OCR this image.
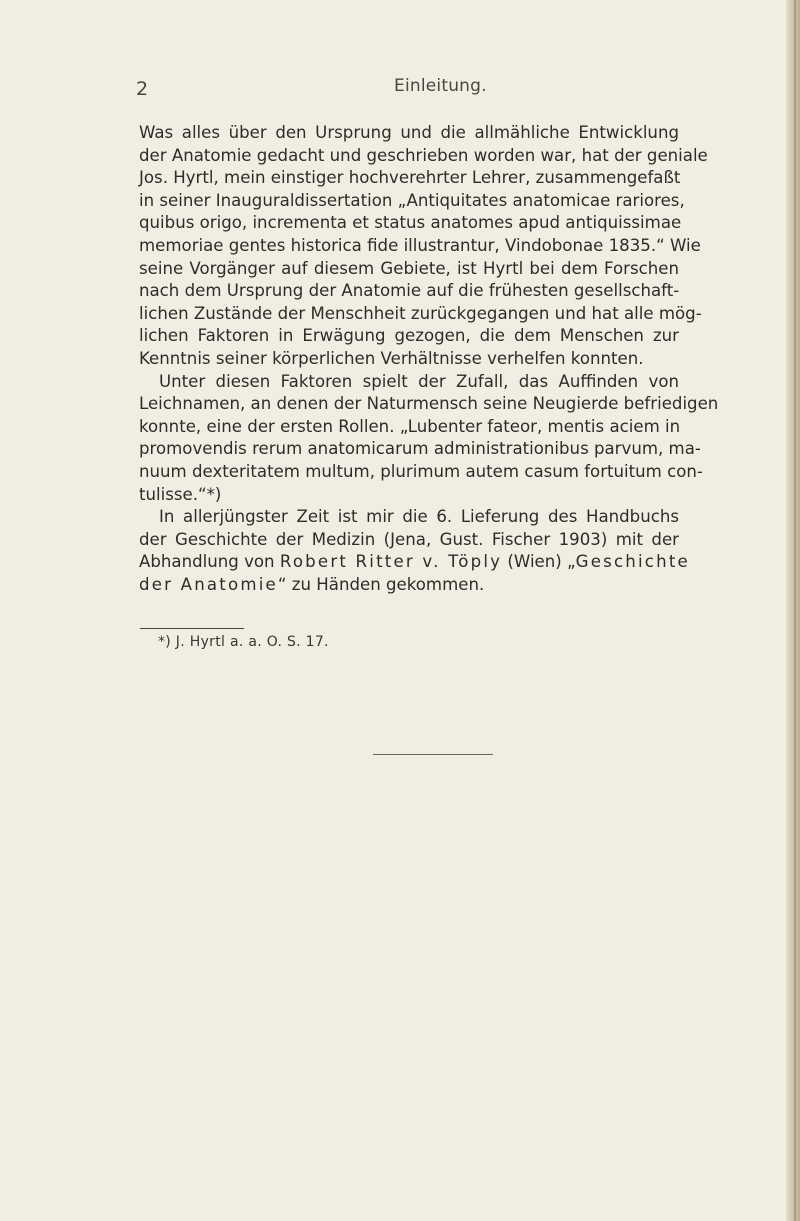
2	Einleitung.
Was alles über den Ursprung und die allmähliche Entwicklung
der Anatomie gedacht und geschrieben worden war, hat der geniale
Jos. Hyrtl, mein einstiger hochverehrter Lehrer, zusammengefaßt
in seiner Inauguraldissertation „Antiquitates anatomicae rariores,
quibus origo, incrementa et status anatomes apud antiquissimae
memoriae gentes historica fide illustrantur, Vindobonae 1835.“ Wie
seine Vorgänger auf diesem Gebiete, ist Hyrtl bei dem Forschen
nach dem Ursprung der Anatomie auf die frühesten gesellschaft-
lichen Zustände der Menschheit zurückgegangen und hat alle mög-
lichen Faktoren in Erwägung gezogen, die dem Menschen zur
Kenntnis seiner körperlichen Verhältnisse verhelfen konnten.
Unter diesen Faktoren spielt der Zufall, das Auffinden von
Leichnamen, an denen der Naturmensch seine Neugierde befriedigen
konnte, eine der ersten Rollen. „Lubenter fateor, mentis aciem in
promovendis rerum anatomicarum administrationibus parvum, ma-
nuum dexteritatem multum, plurimum autem casum fortuitum con-
tulisse.“*)
In allerjüngster Zeit ist mir die 6. Lieferung des Handbuchs
der Geschichte der Medizin (Jena, Gust. Fischer 1903) mit der
Abhandlung von Robert Ritter v. Töply (Wien) „Geschichte
der Anatomie“ zu Händen gekommen.
*) J. Hyrtl a. a. O. S. 17.
